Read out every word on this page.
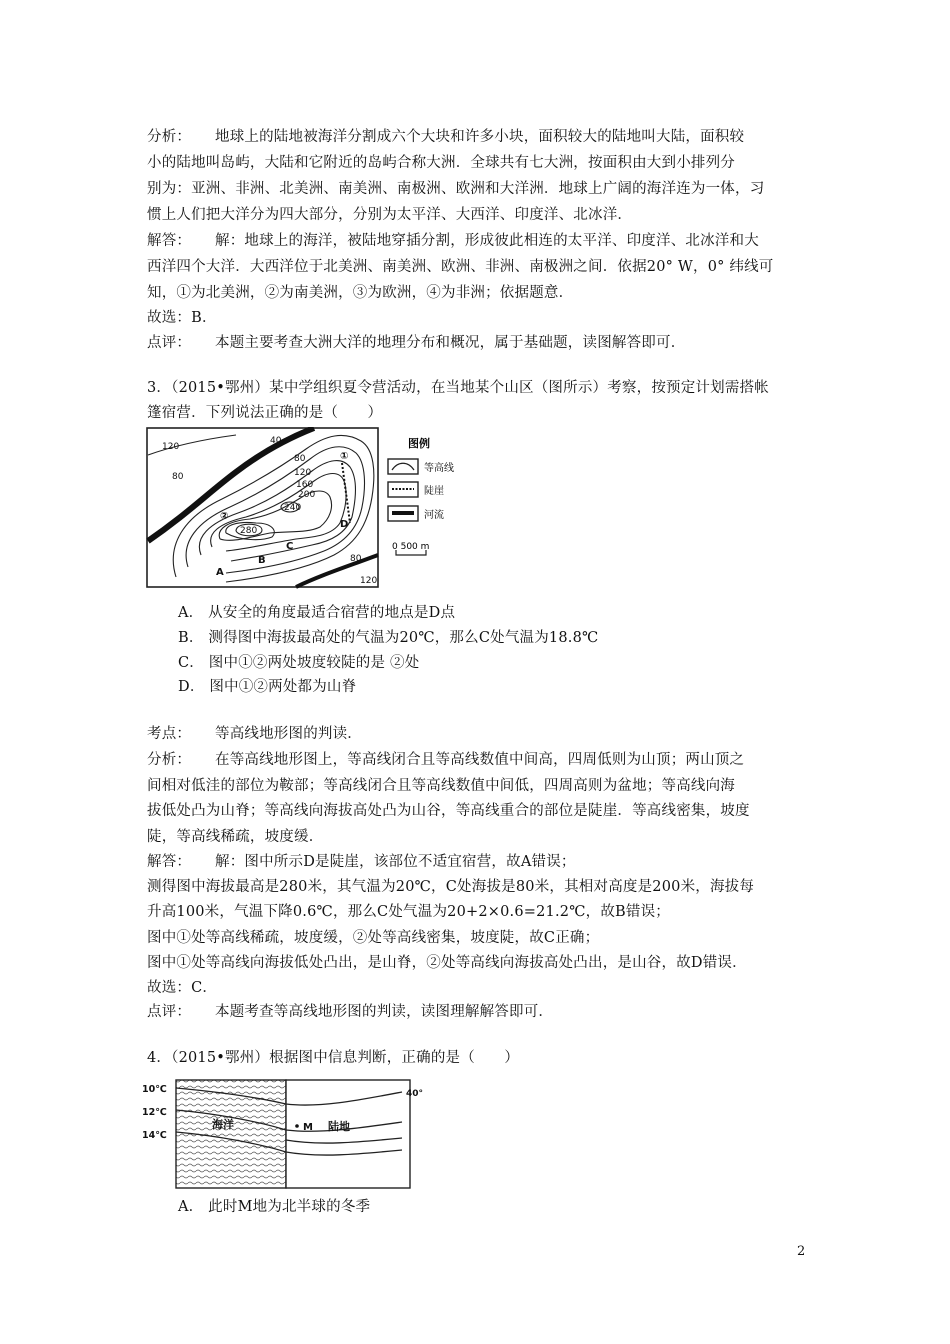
分析： 地球上的陆地被海洋分割成六个大块和许多小块，面积较大的陆地叫大陆，面积较
小的陆地叫岛屿，大陆和它附近的岛屿合称大洲．全球共有七大洲，按面积由大到小排列分
别为：亚洲、非洲、北美洲、南美洲、南极洲、欧洲和大洋洲．地球上广阔的海洋连为一体，习
惯上人们把大洋分为四大部分，分别为太平洋、大西洋、印度洋、北冰洋．
解答： 解：地球上的海洋，被陆地穿插分割，形成彼此相连的太平洋、印度洋、北冰洋和大
西洋四个大洋．大西洋位于北美洲、南美洲、欧洲、非洲、南极洲之间．依据20° W，0° 纬线可
知，①为北美洲，②为南美洲，③为欧洲，④为非洲；依据题意．
故选：B．
点评： 本题主要考查大洲大洋的地理分布和概况，属于基础题，读图解答即可．
3．（2015•鄂州）某中学组织夏令营活动，在当地某个山区（图所示）考察，按预定计划需搭帐
篷宿营．下列说法正确的是（　　）
120
80
40
80
120
160
200
240
280
80
120
①
②
A
B
C
D
图例
等高线
陡崖
河流
0 500 m
A． 从安全的角度最适合宿营的地点是D点
B． 测得图中海拔最高处的气温为20℃，那么C处气温为18.8℃
C． 图中①②两处坡度较陡的是 ②处
D． 图中①②两处都为山脊
考点： 等高线地形图的判读．
分析： 在等高线地形图上，等高线闭合且等高线数值中间高，四周低则为山顶；两山顶之
间相对低洼的部位为鞍部；等高线闭合且等高线数值中间低，四周高则为盆地；等高线向海
拔低处凸为山脊；等高线向海拔高处凸为山谷，等高线重合的部位是陡崖．等高线密集，坡度
陡，等高线稀疏，坡度缓．
解答： 解：图中所示D是陡崖，该部位不适宜宿营，故A错误；
测得图中海拔最高是280米，其气温为20℃，C处海拔是80米，其相对高度是200米，海拔每
升高100米，气温下降0.6℃，那么C处气温为20+2×0.6=21.2℃，故B错误；
图中①处等高线稀疏，坡度缓，②处等高线密集，坡度陡，故C正确；
图中①处等高线向海拔低处凸出，是山脊，②处等高线向海拔高处凸出，是山谷，故D错误．
故选：C．
点评： 本题考查等高线地形图的判读，读图理解解答即可．
4．（2015•鄂州）根据图中信息判断，正确的是（　　）
10℃
12℃
14℃
海洋	M 陆地
40°
A． 此时M地为北半球的冬季
2
